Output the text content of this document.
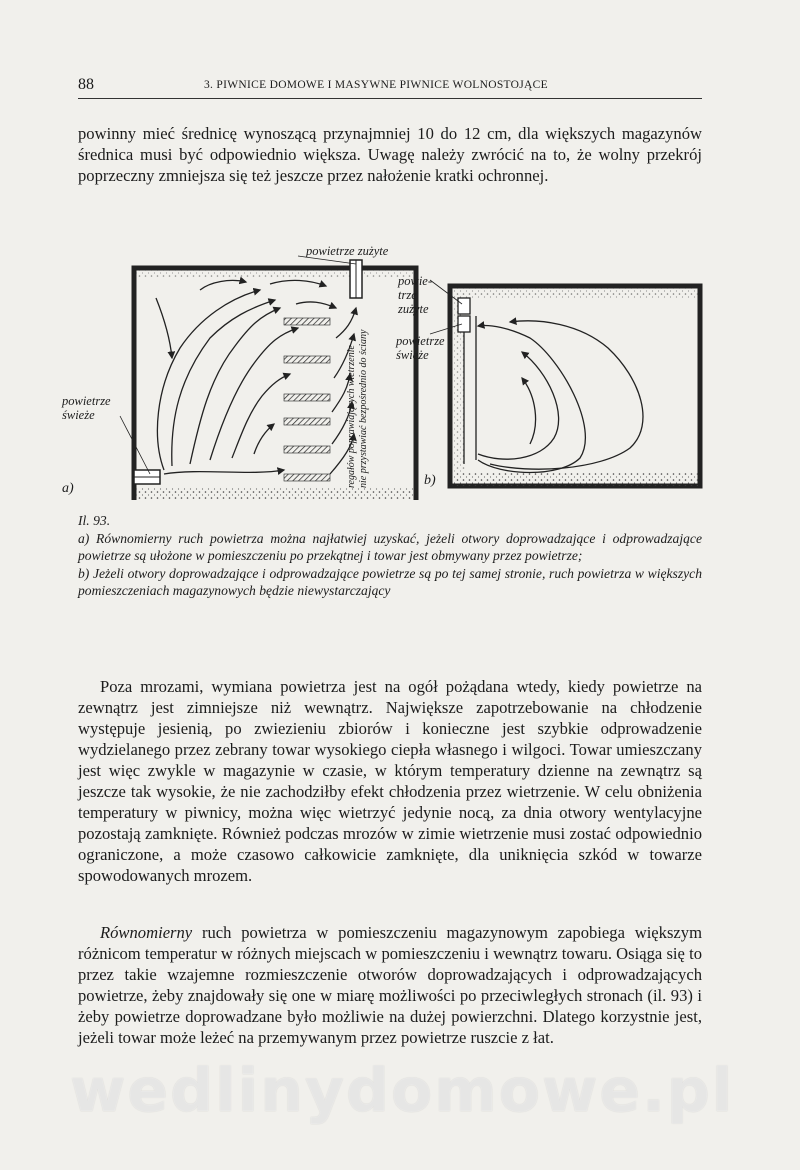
88	3. PIWNICE DOMOWE I MASYWNE PIWNICE WOLNOSTOJĄCE

powinny mieć średnicę wynoszącą przynajmniej 10 do 12 cm, dla większych magazynów średnica musi być odpowiednio większa. Uwagę należy zwrócić na to, że wolny przekrój poprzeczny zmniejsza się też jeszcze przez nałożenie kratki ochronnej.

powietrze zużyte
powietrze
świeże
a)
regałów poprawiających wietrzenie nie przystawiać bezpośrednio do ściany
powie-
trze
zużyte
powietrze
świeże
b)
Il. 93.
a) Równomierny ruch powietrza można najłatwiej uzyskać, jeżeli otwory doprowadzające i odprowadzające powietrze są ułożone w pomieszczeniu po przekątnej i towar jest obmywany przez powietrze;
b) Jeżeli otwory doprowadzające i odprowadzające powietrze są po tej samej stronie, ruch powietrza w większych pomieszczeniach magazynowych będzie niewystarczający

Poza mrozami, wymiana powietrza jest na ogół pożądana wtedy, kiedy powietrze na zewnątrz jest zimniejsze niż wewnątrz. Największe zapotrzebowanie na chłodzenie występuje jesienią, po zwiezieniu zbiorów i konieczne jest szybkie odprowadzenie wydzielanego przez zebrany towar wysokiego ciepła własnego i wilgoci. Towar umieszczany jest więc zwykle w magazynie w czasie, w którym temperatury dzienne na zewnątrz są jeszcze tak wysokie, że nie zachodziłby efekt chłodzenia przez wietrzenie. W celu obniżenia temperatury w piwnicy, można więc wietrzyć jedynie nocą, za dnia otwory wentylacyjne pozostają zamknięte. Również podczas mrozów w zimie wietrzenie musi zostać odpowiednio ograniczone, a może czasowo całkowicie zamknięte, dla uniknięcia szkód w towarze spowodowanych mrozem.

Równomierny ruch powietrza w pomieszczeniu magazynowym zapobiega większym różnicom temperatur w różnych miejscach w pomieszczeniu i wewnątrz towaru. Osiąga się to przez takie wzajemne rozmieszczenie otworów doprowadzających i odprowadzających powietrze, żeby znajdowały się one w miarę możliwości po przeciwległych stronach (il. 93) i żeby powietrze doprowadzane było możliwie na dużej powierzchni. Dlatego korzystnie jest, jeżeli towar może leżeć na przemywanym przez powietrze ruszcie z łat.

wedlinydomowe.pl
